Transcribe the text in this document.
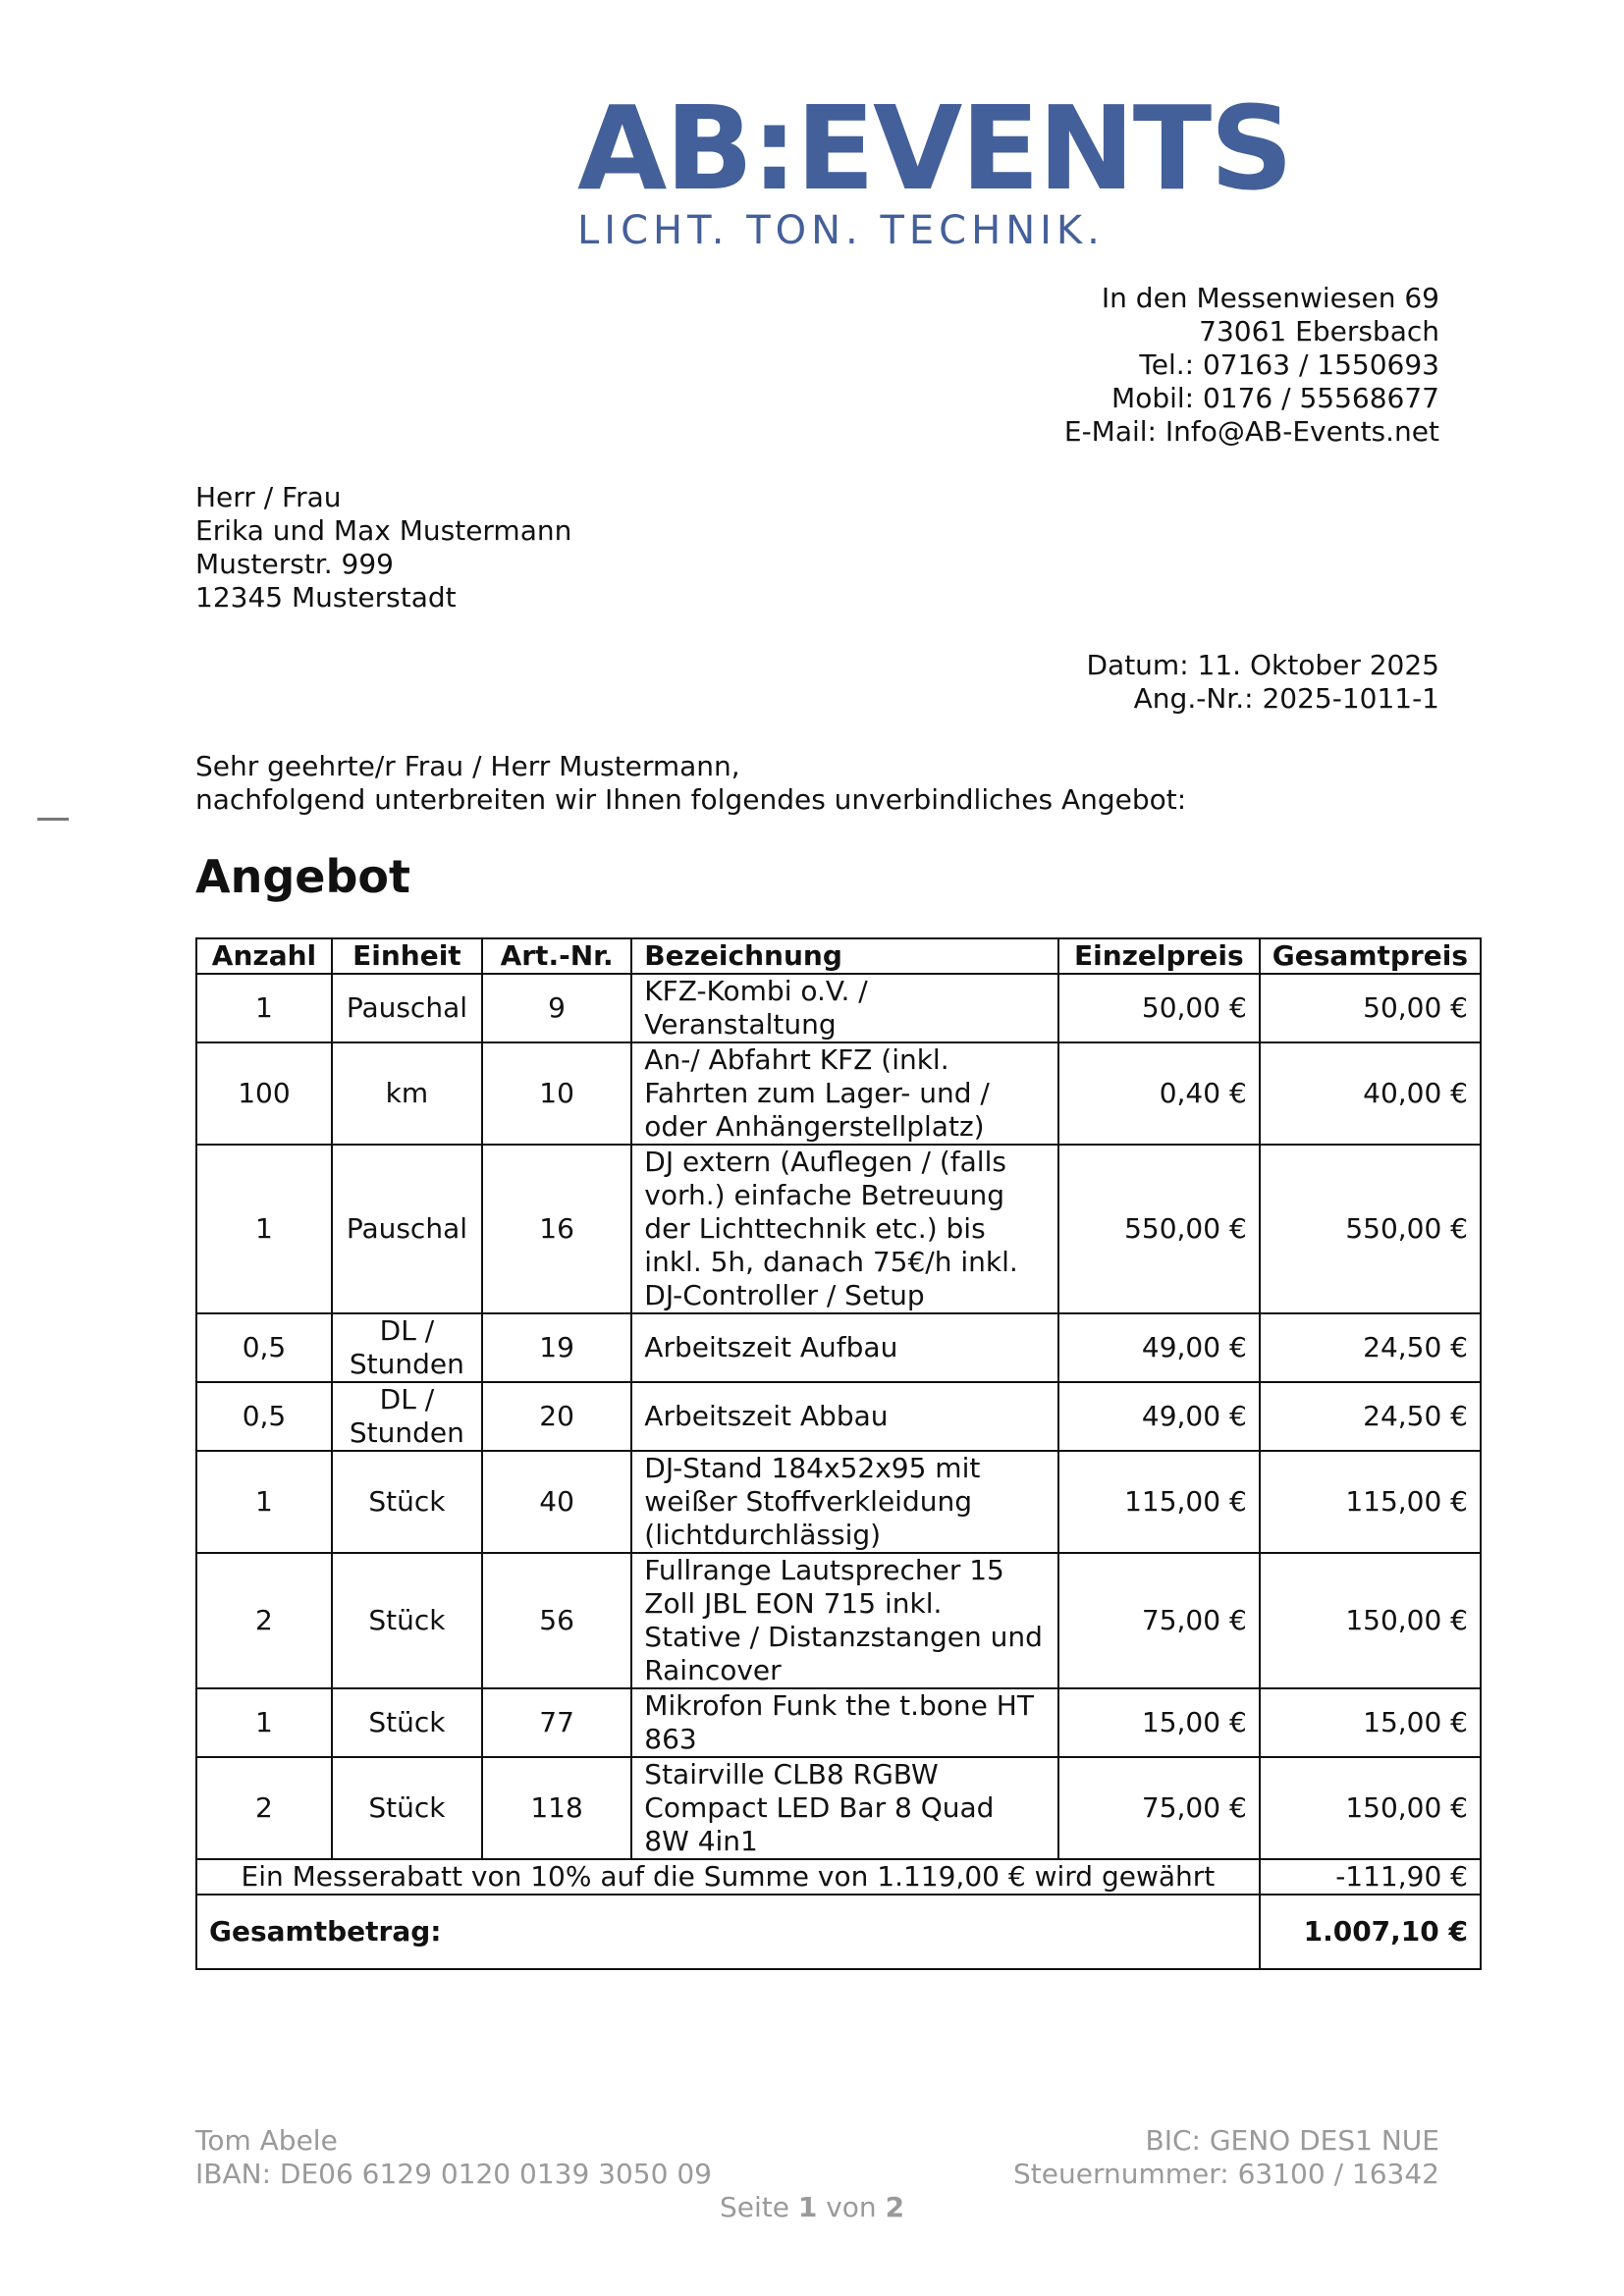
AB:EVENTS
LICHT. TON. TECHNIK.
In den Messenwiesen 69
73061 Ebersbach
Tel.: 07163 / 1550693
Mobil: 0176 / 55568677
E-Mail: Info@AB-Events.net
Herr / Frau
Erika und Max Mustermann
Musterstr. 999
12345 Musterstadt
Datum: 11. Oktober 2025
Ang.-Nr.: 2025-1011-1
Sehr geehrte/r Frau / Herr Mustermann,
nachfolgend unterbreiten wir Ihnen folgendes unverbindliches Angebot:
Angebot
Anzahl	Einheit	Art.-Nr.	Bezeichnung	Einzelpreis	Gesamtpreis
1	Pauschal	9	KFZ-Kombi o.V. / Veranstaltung	50,00 €	50,00 €
100	km	10	An-/ Abfahrt KFZ (inkl. Fahrten zum Lager- und / oder Anhängerstellplatz)	0,40 €	40,00 €
1	Pauschal	16	DJ extern (Auflegen / (falls vorh.) einfache Betreuung der Lichttechnik etc.) bis inkl. 5h, danach 75€/h inkl. DJ-Controller / Setup	550,00 €	550,00 €
0,5	DL / Stunden	19	Arbeitszeit Aufbau	49,00 €	24,50 €
0,5	DL / Stunden	20	Arbeitszeit Abbau	49,00 €	24,50 €
1	Stück	40	DJ-Stand 184x52x95 mit weißer Stoffverkleidung (lichtdurchlässig)	115,00 €	115,00 €
2	Stück	56	Fullrange Lautsprecher 15 Zoll JBL EON 715 inkl. Stative / Distanzstangen und Raincover	75,00 €	150,00 €
1	Stück	77	Mikrofon Funk the t.bone HT 863	15,00 €	15,00 €
2	Stück	118	Stairville CLB8 RGBW Compact LED Bar 8 Quad 8W 4in1	75,00 €	150,00 €
Ein Messerabatt von 10% auf die Summe von 1.119,00 € wird gewährt					-111,90 €
Gesamtbetrag:					1.007,10 €
Tom Abele
IBAN: DE06 6129 0120 0139 3050 09
BIC: GENO DES1 NUE
Steuernummer: 63100 / 16342
Seite 1 von 2
